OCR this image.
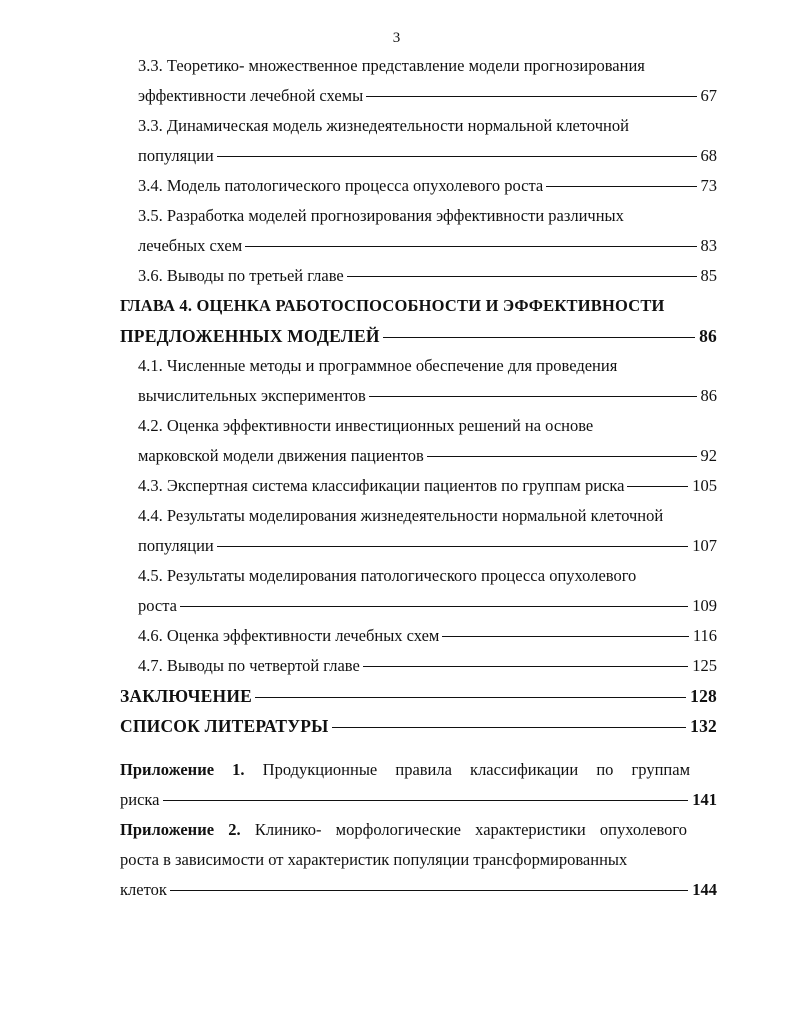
3
3.3. Теоретико- множественное представление модели прогнозирования
эффективности лечебной схемы	67
3.3. Динамическая модель жизнедеятельности нормальной клеточной
популяции	68
3.4. Модель патологического процесса опухолевого роста	73
3.5. Разработка моделей прогнозирования эффективности различных
лечебных схем	83
3.6. Выводы по третьей главе	85
ГЛАВА 4. ОЦЕНКА РАБОТОСПОСОБНОСТИ И ЭФФЕКТИВНОСТИ
ПРЕДЛОЖЕННЫХ МОДЕЛЕЙ	86
4.1. Численные методы и программное обеспечение для проведения
вычислительных экспериментов	86
4.2. Оценка эффективности инвестиционных решений на основе
марковской модели движения пациентов	92
4.3. Экспертная система классификации пациентов по группам риска	105
4.4. Результаты моделирования жизнедеятельности нормальной клеточной
популяции	107
4.5. Результаты моделирования патологического процесса опухолевого
роста	109
4.6. Оценка эффективности лечебных схем	116
4.7. Выводы по четвертой главе	125
ЗАКЛЮЧЕНИЕ	128
СПИСОК ЛИТЕРАТУРЫ	132
Приложение 1. Продукционные правила классификации по группам
риска	141
Приложение 2. Клинико- морфологические характеристики опухолевого
роста в зависимости от характеристик популяции трансформированных
клеток	144
